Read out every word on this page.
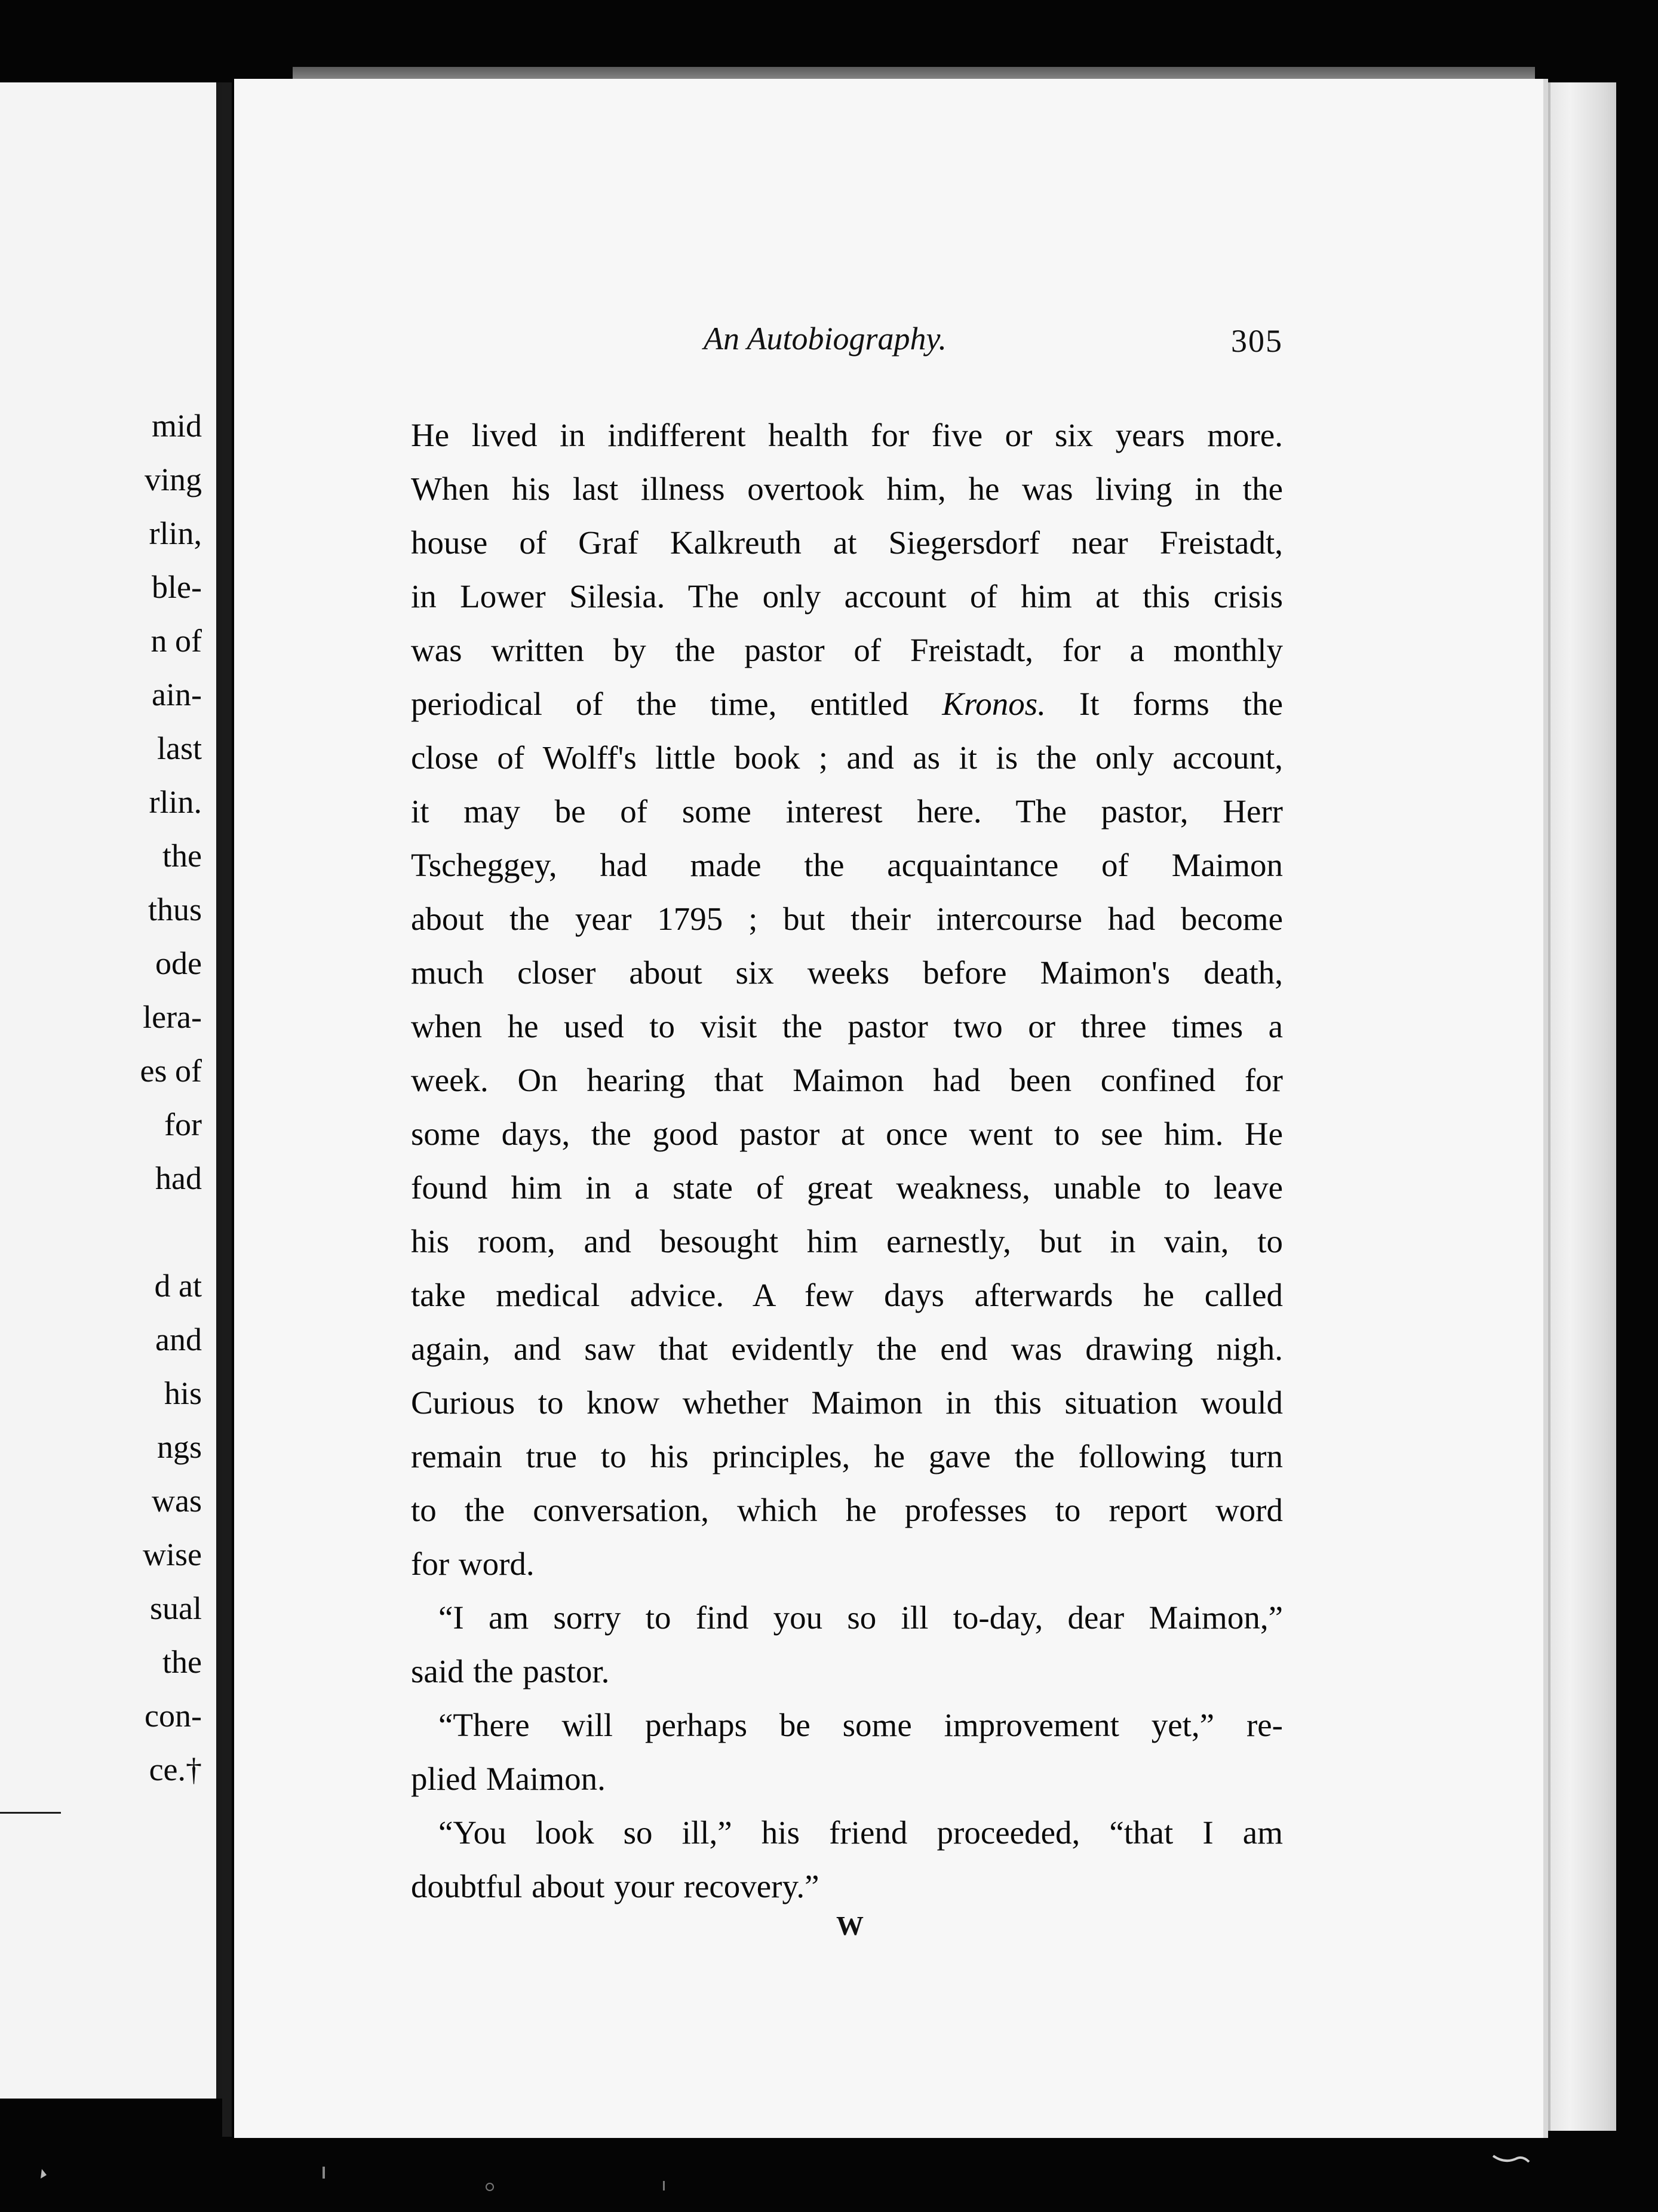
mid
ving
rlin,
ble-
n of
ain-
last
rlin.
the
thus
ode
lera-
es of
for
had
d at
and
his
ngs
was
wise
sual
the
con-
ce.†
An Autobiography.	305
He lived in indifferent health for five or six years more.
When his last illness overtook him, he was living in the
house of Graf Kalkreuth at Siegersdorf near Freistadt,
in Lower Silesia. The only account of him at this crisis
was written by the pastor of Freistadt, for a monthly
periodical of the time, entitled Kronos. It forms the
close of Wolff's little book ; and as it is the only account,
it may be of some interest here. The pastor, Herr
Tscheggey, had made the acquaintance of Maimon
about the year 1795 ; but their intercourse had become
much closer about six weeks before Maimon's death,
when he used to visit the pastor two or three times a
week. On hearing that Maimon had been confined for
some days, the good pastor at once went to see him. He
found him in a state of great weakness, unable to leave
his room, and besought him earnestly, but in vain, to
take medical advice. A few days afterwards he called
again, and saw that evidently the end was drawing nigh.
Curious to know whether Maimon in this situation would
remain true to his principles, he gave the following turn
to the conversation, which he professes to report word
for word.
“I am sorry to find you so ill to-day, dear Maimon,”
said the pastor.
“There will perhaps be some improvement yet,” re-
plied Maimon.
“You look so ill,” his friend proceeded, “that I am
doubtful about your recovery.”
W
